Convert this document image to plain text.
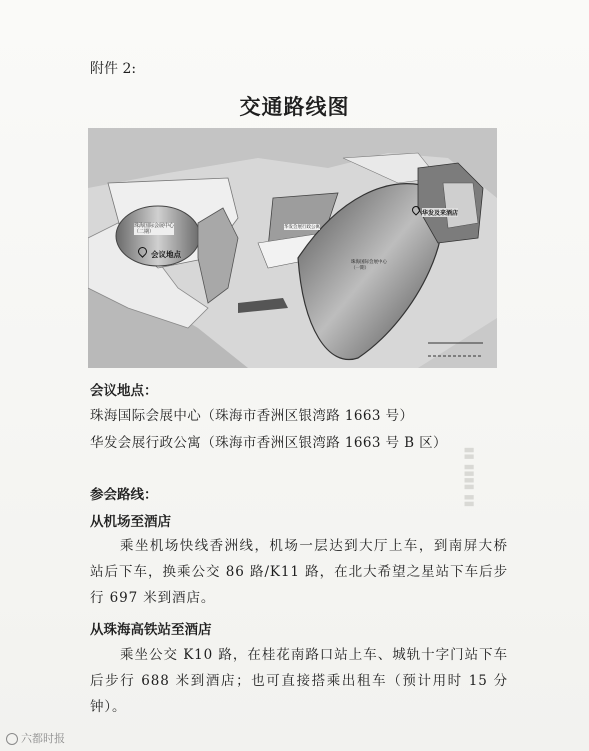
▮▮ ▮▮▮▮ ▮▮
附件 2:
交通路线图
珠海国际会展中心
（二期）
会议地点
华发会展行政公寓
珠海国际会展中心
（一期）
华发及来酒店
会议地点：
珠海国际会展中心（珠海市香洲区银湾路 1663 号）
华发会展行政公寓（珠海市香洲区银湾路 1663 号 B 区）
参会路线：
从机场至酒店
乘坐机场快线香洲线，机场一层达到大厅上车，到南屏大桥站后下车，换乘公交 86 路/K11 路，在北大希望之星站下车后步行 697 米到酒店。
从珠海高铁站至酒店
乘坐公交 K10 路，在桂花南路口站上车、城轨十字门站下车后步行 688 米到酒店；也可直接搭乘出租车（预计用时 15 分钟）。
六都时报
